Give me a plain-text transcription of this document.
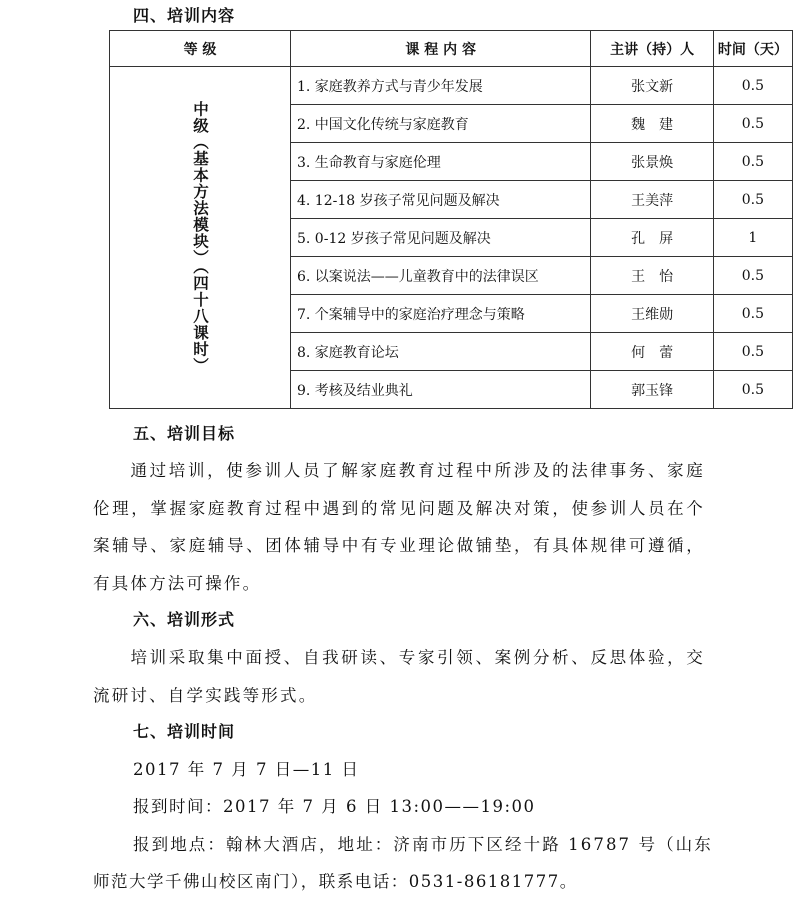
四、培训内容
等 级	课 程 内 容	主讲（持）人	时间（天）

中级（基本方法模块）（四十八课时）	1. 家庭教养方式与青少年发展	张文新	0.5
	2. 中国文化传统与家庭教育	魏　建	0.5
	3. 生命教育与家庭伦理	张景焕	0.5
	4. 12-18 岁孩子常见问题及解决	王美萍	0.5
	5. 0-12 岁孩子常见问题及解决	孔　屏	1
	6. 以案说法——儿童教育中的法律误区	王　怡	0.5
	7. 个案辅导中的家庭治疗理念与策略	王维勋	0.5
	8. 家庭教育论坛	何　蕾	0.5
	9. 考核及结业典礼	郭玉锋	0.5
五、培训目标
通过培训，使参训人员了解家庭教育过程中所涉及的法律事务、家庭伦理，掌握家庭教育过程中遇到的常见问题及解决对策，使参训人员在个案辅导、家庭辅导、团体辅导中有专业理论做铺垫，有具体规律可遵循，有具体方法可操作。
六、培训形式
培训采取集中面授、自我研读、专家引领、案例分析、反思体验，交流研讨、自学实践等形式。
七、培训时间
2017 年 7 月 7 日—11 日
报到时间：2017 年 7 月 6 日 13:00——19:00
报到地点：翰林大酒店，地址：济南市历下区经十路 16787 号（山东
师范大学千佛山校区南门），联系电话：0531-86181777。
